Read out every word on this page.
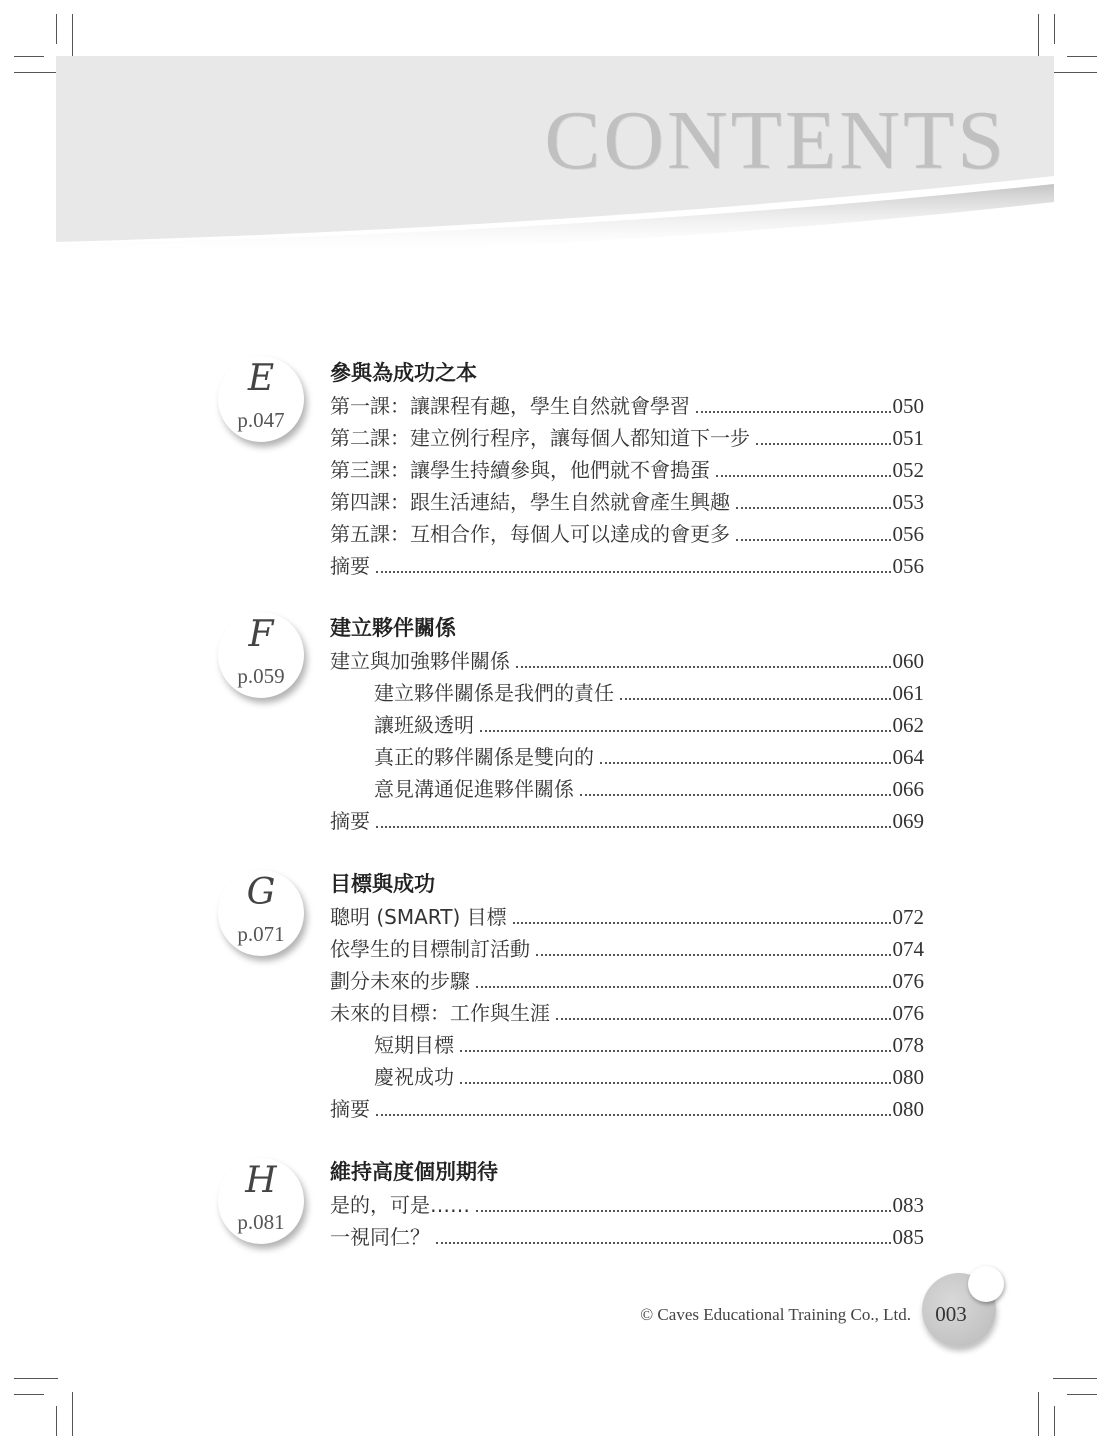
CONTENTS
E
p.047
參與為成功之本
第一課：讓課程有趣，學生自然就會學習	050
第二課：建立例行程序，讓每個人都知道下一步	051
第三課：讓學生持續參與，他們就不會搗蛋	052
第四課：跟生活連結，學生自然就會產生興趣	053
第五課：互相合作，每個人可以達成的會更多	056
摘要	056
F
p.059
建立夥伴關係
建立與加強夥伴關係	060
建立夥伴關係是我們的責任	061
讓班級透明	062
真正的夥伴關係是雙向的	064
意見溝通促進夥伴關係	066
摘要	069
G
p.071
目標與成功
聰明 (SMART) 目標	072
依學生的目標制訂活動	074
劃分未來的步驟	076
未來的目標：工作與生涯	076
短期目標	078
慶祝成功	080
摘要	080
H
p.081
維持高度個別期待
是的，可是……	083
一視同仁？	085
© Caves Educational Training Co., Ltd. 003
